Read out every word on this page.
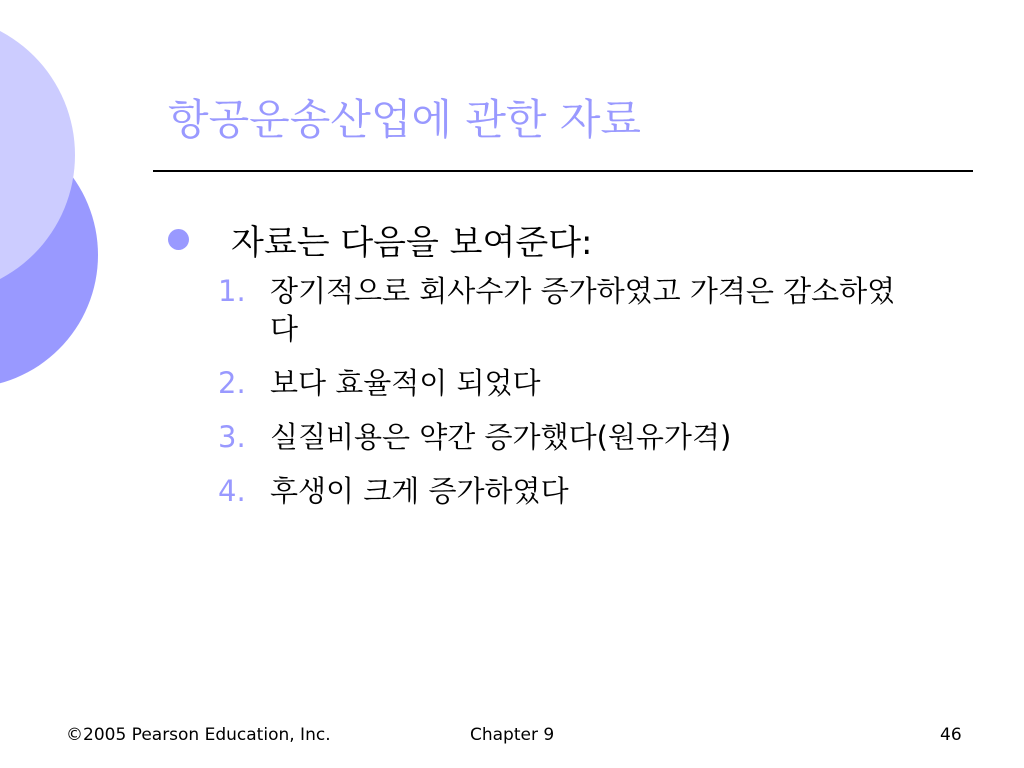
항공운송산업에 관한 자료
자료는 다음을 보여준다:
1. 장기적으로 회사수가 증가하였고 가격은 감소하였다
2. 보다 효율적이 되었다
3. 실질비용은 약간 증가했다(원유가격)
4. 후생이 크게 증가하였다
©2005 Pearson Education, Inc.	Chapter 9	46
